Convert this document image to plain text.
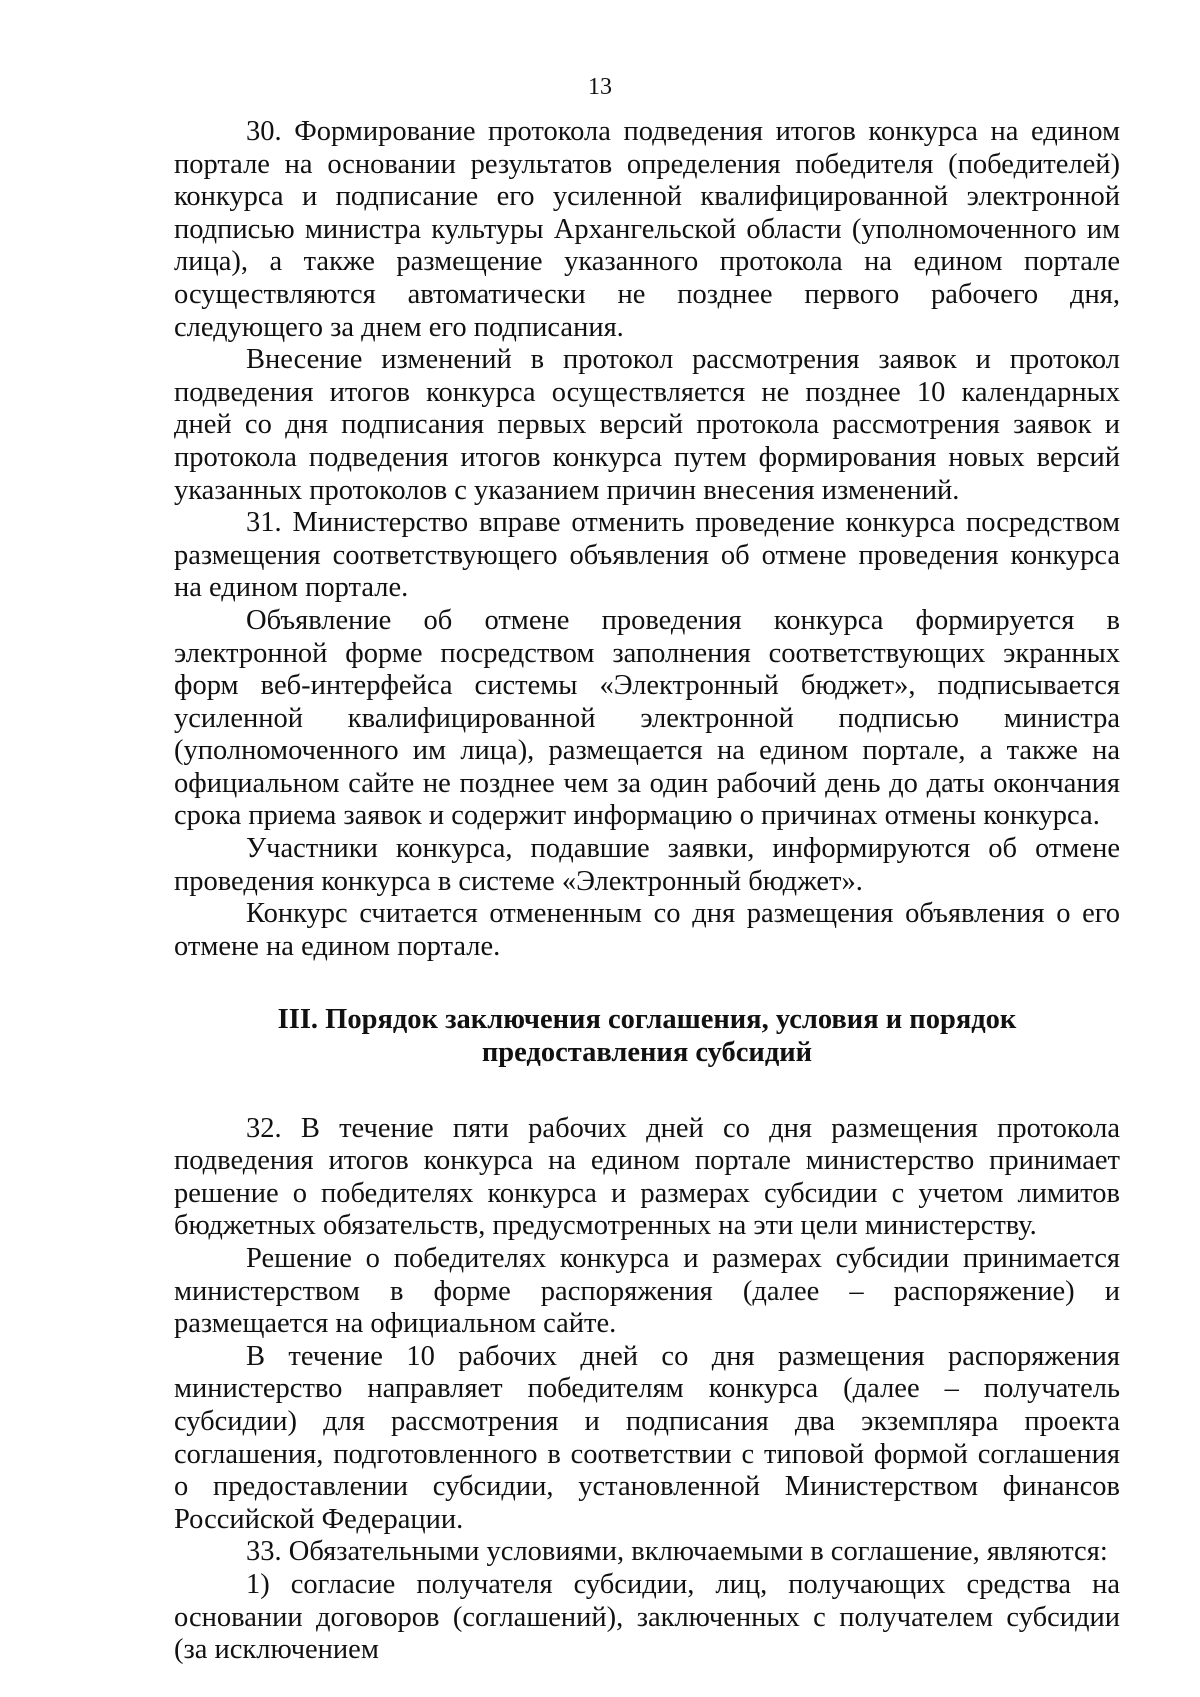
13

30. Формирование протокола подведения итогов конкурса на едином портале на основании результатов определения победителя (победителей) конкурса и подписание его усиленной квалифицированной электронной подписью министра культуры Архангельской области (уполномоченного им лица), а также размещение указанного протокола на едином портале осуществляются автоматически не позднее первого рабочего дня, следующего за днем его подписания.

Внесение изменений в протокол рассмотрения заявок и протокол подведения итогов конкурса осуществляется не позднее 10 календарных дней со дня подписания первых версий протокола рассмотрения заявок и протокола подведения итогов конкурса путем формирования новых версий указанных протоколов с указанием причин внесения изменений.

31. Министерство вправе отменить проведение конкурса посредством размещения соответствующего объявления об отмене проведения конкурса на едином портале.

Объявление об отмене проведения конкурса формируется в электронной форме посредством заполнения соответствующих экранных форм веб-интерфейса системы «Электронный бюджет», подписывается усиленной квалифицированной электронной подписью министра (уполномоченного им лица), размещается на едином портале, а также на официальном сайте не позднее чем за один рабочий день до даты окончания срока приема заявок и содержит информацию о причинах отмены конкурса.

Участники конкурса, подавшие заявки, информируются об отмене проведения конкурса в системе «Электронный бюджет».

Конкурс считается отмененным со дня размещения объявления о его отмене на едином портале.

III. Порядок заключения соглашения, условия и порядок
предоставления субсидий

32. В течение пяти рабочих дней со дня размещения протокола подведения итогов конкурса на едином портале министерство принимает решение о победителях конкурса и размерах субсидии с учетом лимитов бюджетных обязательств, предусмотренных на эти цели министерству.

Решение о победителях конкурса и размерах субсидии принимается министерством в форме распоряжения (далее – распоряжение) и размещается на официальном сайте.

В течение 10 рабочих дней со дня размещения распоряжения министерство направляет победителям конкурса (далее – получатель субсидии) для рассмотрения и подписания два экземпляра проекта соглашения, подготовленного в соответствии с типовой формой соглашения о предоставлении субсидии, установленной Министерством финансов Российской Федерации.

33. Обязательными условиями, включаемыми в соглашение, являются:

1) согласие получателя субсидии, лиц, получающих средства на основании договоров (соглашений), заключенных с получателем субсидии (за исключением
